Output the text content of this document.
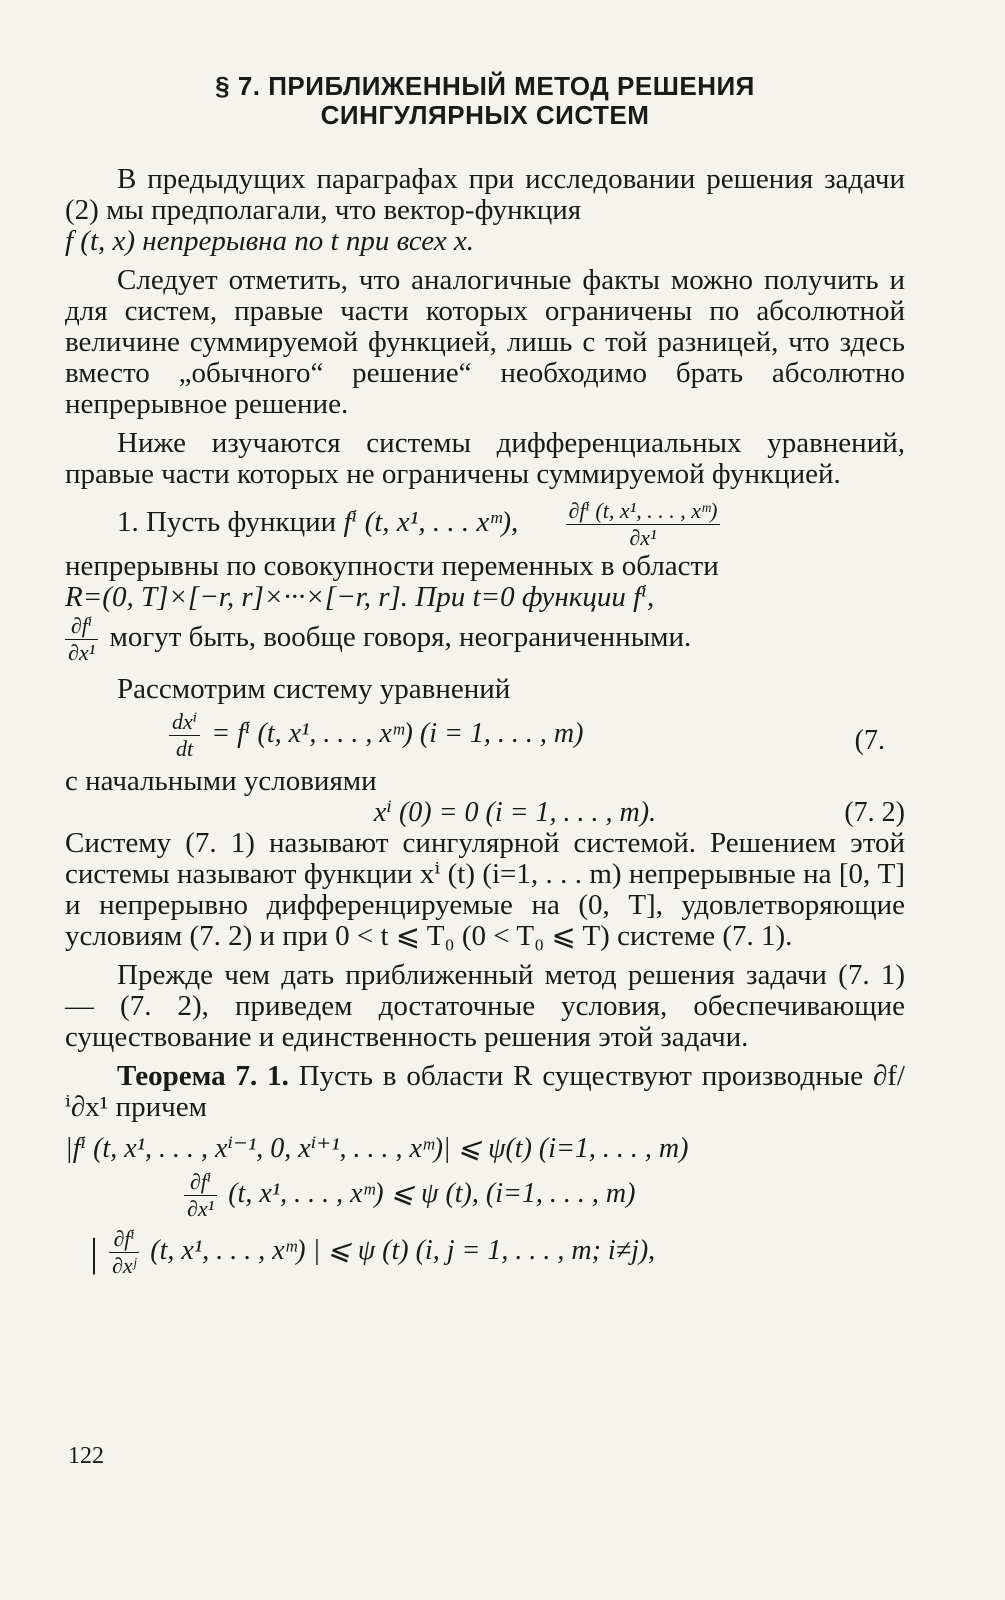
§ 7. ПРИБЛИЖЕННЫЙ МЕТОД РЕШЕНИЯ
СИНГУЛЯРНЫХ СИСТЕМ

В предыдущих параграфах при исследовании решения задачи (2) мы предполагали, что вектор-функция

f (t, x) непрерывна по t при всех x.

Следует отметить, что аналогичные факты можно получить и для систем, правые части которых ограничены по абсолютной величине суммируемой функцией, лишь с той разницей, что здесь вместо „обычного“ решение“ необходимо брать абсолютно непрерывное решение.

Ниже изучаются системы дифференциальных уравнений, правые части которых не ограничены суммируемой функцией.

1. Пусть функции fⁱ (t, x¹, . . . xᵐ), $\frac{\text{∂fⁱ (t, x¹, . . . , xᵐ)}}{\text{∂x¹}}$

непрерывны по совокупности переменных в области

R=(0, T]×[−r, r]×···×[−r, r]. При t=0 функции fⁱ,

$\frac{\text{∂fⁱ}}{\text{∂x¹}}$ могут быть, вообще говоря, неограниченными.

Рассмотрим систему уравнений

$\frac{\text{dxⁱ}}{dt} = f^i$ (t, x¹, . . . , xᵐ) (i = 1, . . . , m)	(7.

с начальными условиями

xⁱ (0) = 0 (i = 1, . . . , m).	(7. 2)

Систему (7. 1) называют сингулярной системой. Решением этой системы называют функции xⁱ (t) (i=1, . . . m) непрерывные на [0, T] и непрерывно дифференцируемые на (0, T], удовлетворяющие условиям (7. 2) и при 0 < t ⩽ T₀ (0 < T₀ ⩽ T) системе (7. 1).

Прежде чем дать приближенный метод решения задачи (7. 1) — (7. 2), приведем достаточные условия, обеспечивающие существование и единственность решения этой задачи.

Теорема 7. 1. Пусть в области R существуют производные ∂f/ⁱ∂x¹ причем

|fⁱ (t, x¹, . . . , xⁱ⁻¹, 0, xⁱ⁺¹, . . . , xᵐ)| ⩽ ψ(t) (i=1, . . . , m)
$\frac{\text{∂fⁱ}}{\text{∂x¹}} (t$, x¹, . . . , xᵐ) ⩽ ψ (t), (i=1, . . . , m)
| $\frac{\text{∂fⁱ}}{\text{∂xʲ}} (t$, x¹, . . . , xᵐ) | ⩽ ψ (t) (i, j = 1, . . . , m; i≠j),
122
